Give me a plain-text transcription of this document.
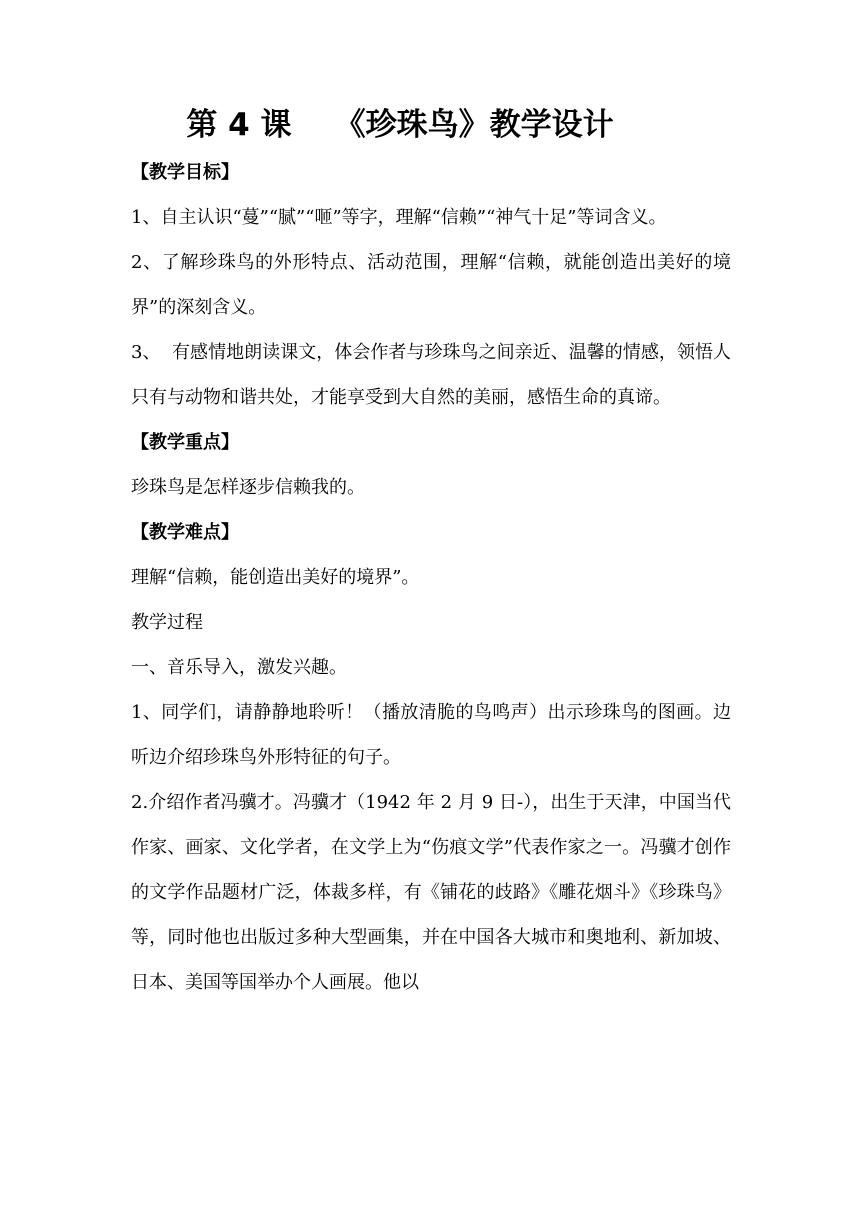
第 4 课    《珍珠鸟》教学设计

【教学目标】

1、自主认识“蔓”“腻”“咂”等字，理解“信赖”“神气十足”等词含义。

2、了解珍珠鸟的外形特点、活动范围，理解“信赖，就能创造出美好的境界”的深刻含义。

3、  有感情地朗读课文，体会作者与珍珠鸟之间亲近、温馨的情感，领悟人只有与动物和谐共处，才能享受到大自然的美丽，感悟生命的真谛。

【教学重点】

珍珠鸟是怎样逐步信赖我的。

【教学难点】

理解“信赖，能创造出美好的境界”。

教学过程

一、音乐导入，激发兴趣。

1、同学们，请静静地聆听！（播放清脆的鸟鸣声）出示珍珠鸟的图画。边听边介绍珍珠鸟外形特征的句子。

2.介绍作者冯骥才。冯骥才（1942 年 2 月 9 日-），出生于天津，中国当代作家、画家、文化学者，在文学上为“伤痕文学”代表作家之一。冯骥才创作的文学作品题材广泛，体裁多样，有《铺花的歧路》《雕花烟斗》《珍珠鸟》等，同时他也出版过多种大型画集，并在中国各大城市和奥地利、新加坡、日本、美国等国举办个人画展。他以
